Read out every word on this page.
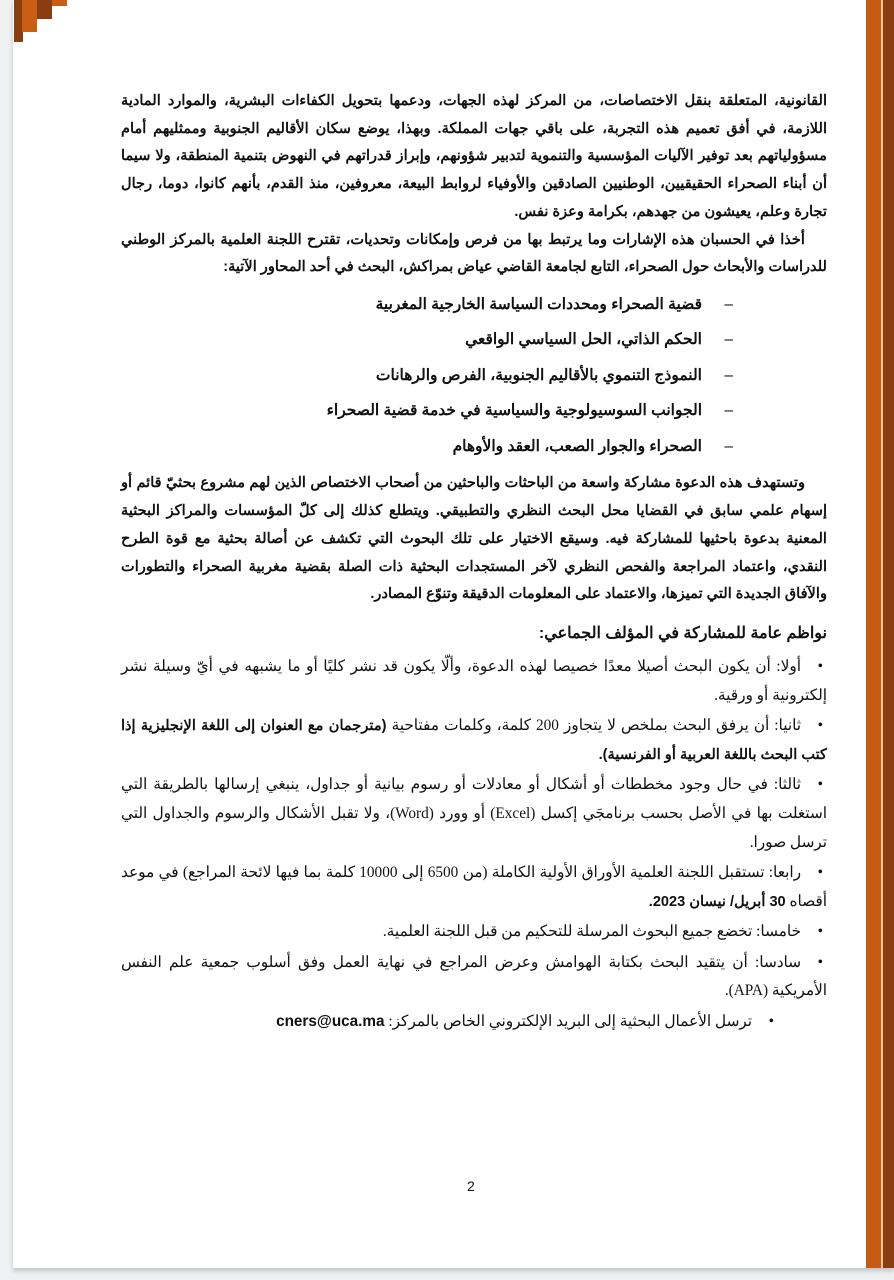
القانونية، المتعلقة بنقل الاختصاصات، من المركز لهذه الجهات، ودعمها بتحويل الكفاءات البشرية، والموارد المادية اللازمة، في أفق تعميم هذه التجربة، على باقي جهات المملكة. وبهذا، يوضع سكان الأقاليم الجنوبية وممثليهم أمام مسؤولياتهم بعد توفير الآليات المؤسسية والتنموية لتدبير شؤونهم، وإبراز قدراتهم في النهوض بتنمية المنطقة، ولا سيما أن أبناء الصحراء الحقيقيين، الوطنيين الصادقين والأوفياء لروابط البيعة، معروفين، منذ القدم، بأنهم كانوا، دوما، رجال تجارة وعلم، يعيشون من جهدهم، بكرامة وعزة نفس.

أخذا في الحسبان هذه الإشارات وما يرتبط بها من فرص وإمكانات وتحديات، تقترح اللجنة العلمية بالمركز الوطني للدراسات والأبحاث حول الصحراء، التابع لجامعة القاضي عياض بمراكش، البحث في أحد المحاور الآتية:

–
قضية الصحراء ومحددات السياسة الخارجية المغربية
–
الحكم الذاتي، الحل السياسي الواقعي
–
النموذج التنموي بالأقاليم الجنوبية، الفرص والرهانات
–
الجوانب السوسيولوجية والسياسية في خدمة قضية الصحراء
–
الصحراء والجوار الصعب، العقد والأوهام

وتستهدف هذه الدعوة مشاركة واسعة من الباحثات والباحثين من أصحاب الاختصاص الذين لهم مشروع بحثيّ قائم أو إسهام علمي سابق في القضايا محل البحث النظري والتطبيقي. ويتطلع كذلك إلى كلّ المؤسسات والمراكز البحثية المعنية بدعوة باحثيها للمشاركة فيه. وسيقع الاختيار على تلك البحوث التي تكشف عن أصالة بحثية مع قوة الطرح النقدي، واعتماد المراجعة والفحص النظري لآخر المستجدات البحثية ذات الصلة بقضية مغربية الصحراء والتطورات والآفاق الجديدة التي تميزها، والاعتماد على المعلومات الدقيقة وتنوّع المصادر.

نواظم عامة للمشاركة في المؤلف الجماعي:
•أولا: أن يكون البحث أصيلا معدًا خصيصا لهذه الدعوة، وألّا يكون قد نشر كليًا أو ما يشبهه في أيّ وسيلة نشر إلكترونية أو ورقية.
•ثانيا: أن يرفق البحث بملخص لا يتجاوز 200 كلمة، وكلمات مفتاحية (مترجمان مع العنوان إلى اللغة الإنجليزية إذا كتب البحث باللغة العربية أو الفرنسية).
•ثالثا: في حال وجود مخططات أو أشكال أو معادلات أو رسوم بيانية أو جداول، ينبغي إرسالها بالطريقة التي استغلت بها في الأصل بحسب برنامجَي إكسل (Excel) أو وورد (Word)، ولا تقبل الأشكال والرسوم والجداول التي ترسل صورا.
•رابعا: تستقبل اللجنة العلمية الأوراق الأولية الكاملة (من 6500 إلى 10000 كلمة بما فيها لائحة المراجع) في موعد أقصاه 30 أبريل/ نيسان 2023.
•خامسا: تخضع جميع البحوث المرسلة للتحكيم من قبل اللجنة العلمية.
•سادسا: أن يتقيد البحث بكتابة الهوامش وعرض المراجع في نهاية العمل وفق أسلوب جمعية علم النفس الأمريكية (APA).
•ترسل الأعمال البحثية إلى البريد الإلكتروني الخاص بالمركز: cners@uca.ma
2
